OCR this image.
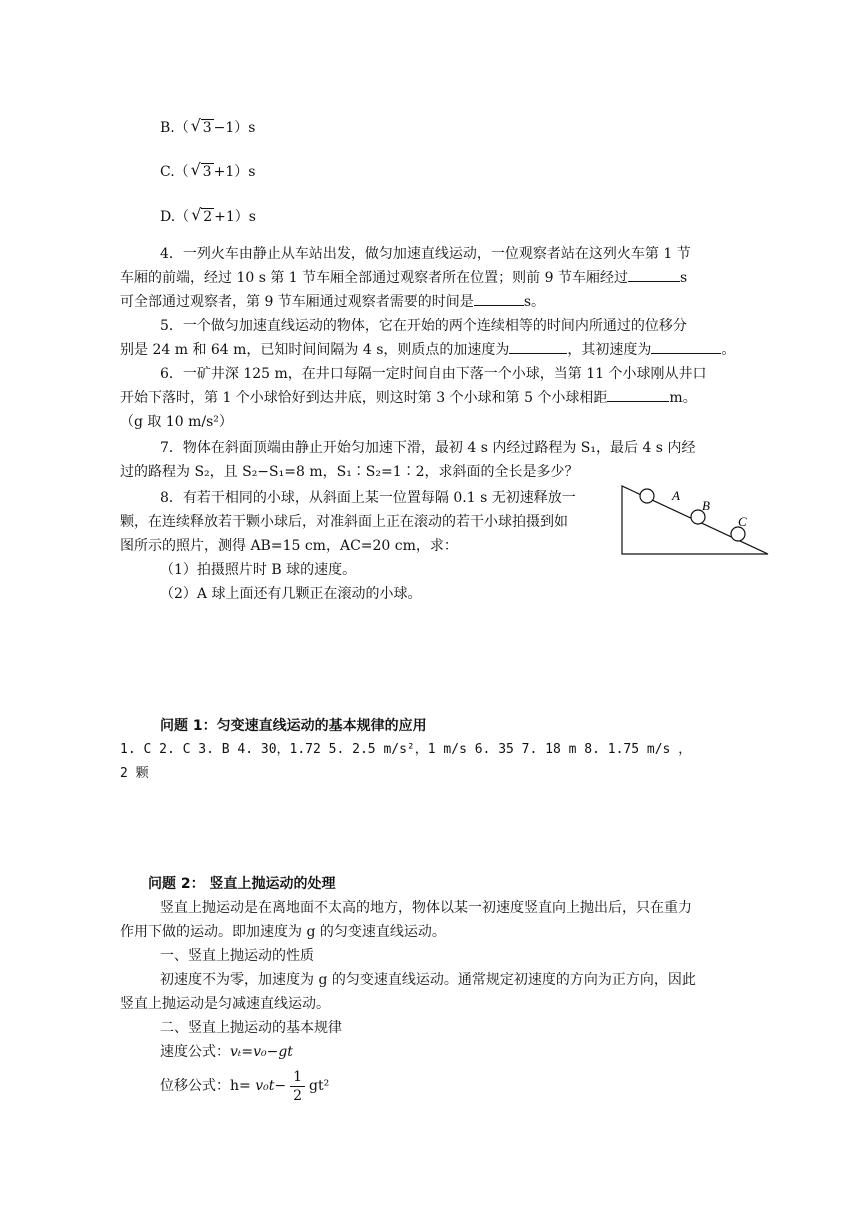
B.（ √ 3 −1）s
C.（ √ 3 +1）s
D.（ √ 2 +1）s
4．一列火车由静止从车站出发，做匀加速直线运动，一位观察者站在这列火车第 1 节
车厢的前端，经过 10 s 第 1 节车厢全部通过观察者所在位置；则前 9 节车厢经过	s
可全部通过观察者，第 9 节车厢通过观察者需要的时间是	s。
5．一个做匀加速直线运动的物体，它在开始的两个连续相等的时间内所通过的位移分
别是 24 m 和 64 m，已知时间间隔为 4 s，则质点的加速度为	，其初速度为	。
6．一矿井深 125 m，在井口每隔一定时间自由下落一个小球，当第 11 个小球刚从井口
开始下落时，第 1 个小球恰好到达井底，则这时第 3 个小球和第 5 个小球相距	m。
（g 取 10 m/s²）
7．物体在斜面顶端由静止开始匀加速下滑，最初 4 s 内经过路程为 S₁，最后 4 s 内经
过的路程为 S₂，且 S₂−S₁=8 m，S₁∶S₂=1∶2，求斜面的全长是多少？
8．有若干相同的小球，从斜面上某一位置每隔 0.1 s 无初速释放一
颗，在连续释放若干颗小球后，对准斜面上正在滚动的若干小球拍摄到如
图所示的照片，测得 AB=15 cm，AC=20 cm，求：
（1）拍摄照片时 B 球的速度。
（2）A 球上面还有几颗正在滚动的小球。
A
B
C
问题 1：匀变速直线运动的基本规律的应用
1. C 2. C 3. B 4. 30，1.72 5. 2.5 m/s²，1 m/s 6. 35 7. 18 m 8. 1.75 m/s ，
2 颗
问题 2： 竖直上抛运动的处理
竖直上抛运动是在离地面不太高的地方，物体以某一初速度竖直向上抛出后，只在重力
作用下做的运动。即加速度为 g 的匀变速直线运动。
一、竖直上抛运动的性质
初速度不为零，加速度为 g 的匀变速直线运动。通常规定初速度的方向为正方向，因此
竖直上抛运动是匀减速直线运动。
二、竖直上抛运动的基本规律
速度公式：vₜ=v₀−gt
位移公式：$h= v_0t- \frac{1}{2} gt^2$
